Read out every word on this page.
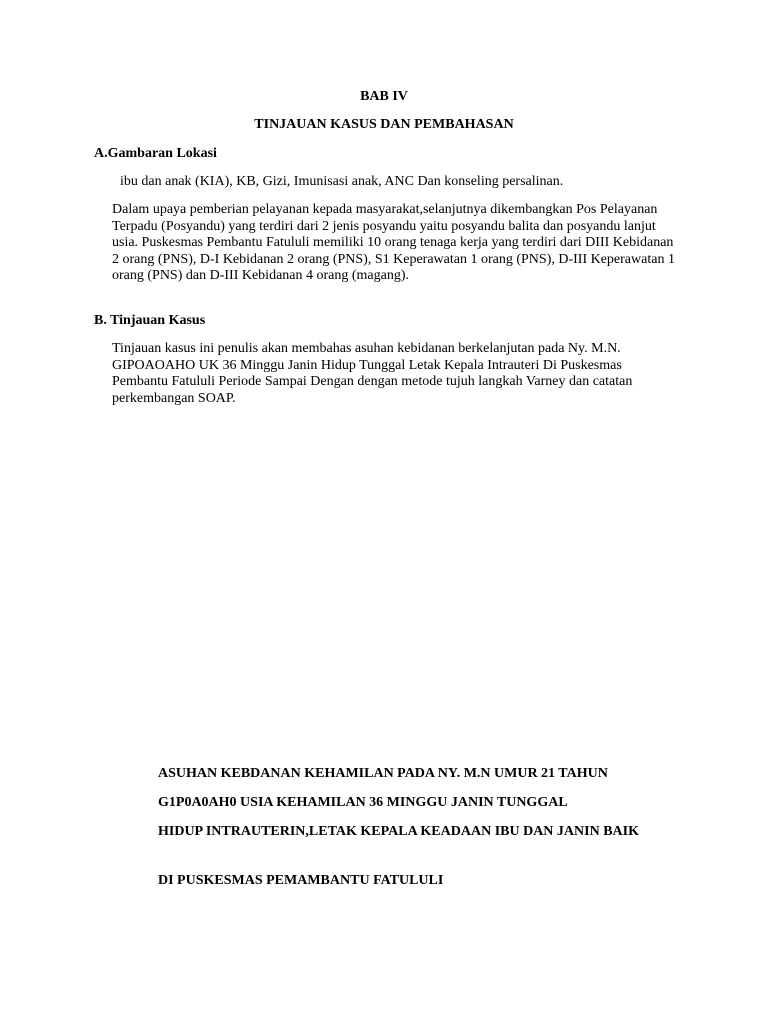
BAB IV
TINJAUAN KASUS DAN PEMBAHASAN
A.Gambaran Lokasi
ibu dan anak (KIA), KB, Gizi, Imunisasi anak, ANC Dan konseling persalinan.
Dalam upaya pemberian pelayanan kepada masyarakat,selanjutnya dikembangkan Pos Pelayanan Terpadu (Posyandu) yang terdiri dari 2 jenis posyandu yaitu posyandu balita dan posyandu lanjut usia. Puskesmas Pembantu Fatululi memiliki 10 orang tenaga kerja yang terdiri dari DIII Kebidanan 2 orang (PNS), D-I Kebidanan 2 orang (PNS), S1 Keperawatan 1 orang (PNS), D-III Keperawatan 1 orang (PNS) dan D-III Kebidanan 4 orang (magang).
B. Tinjauan Kasus
Tinjauan kasus ini penulis akan membahas asuhan kebidanan berkelanjutan pada Ny. M.N. GIPOAOAHO UK 36 Minggu Janin Hidup Tunggal Letak Kepala Intrauteri Di Puskesmas Pembantu Fatululi Periode Sampai Dengan dengan metode tujuh langkah Varney dan catatan perkembangan SOAP.
ASUHAN KEBDANAN KEHAMILAN PADA NY. M.N UMUR 21 TAHUN
G1P0A0AH0 USIA KEHAMILAN 36 MINGGU JANIN TUNGGAL
HIDUP INTRAUTERIN,LETAK KEPALA KEADAAN IBU DAN JANIN BAIK
DI PUSKESMAS PEMAMBANTU FATULULI
